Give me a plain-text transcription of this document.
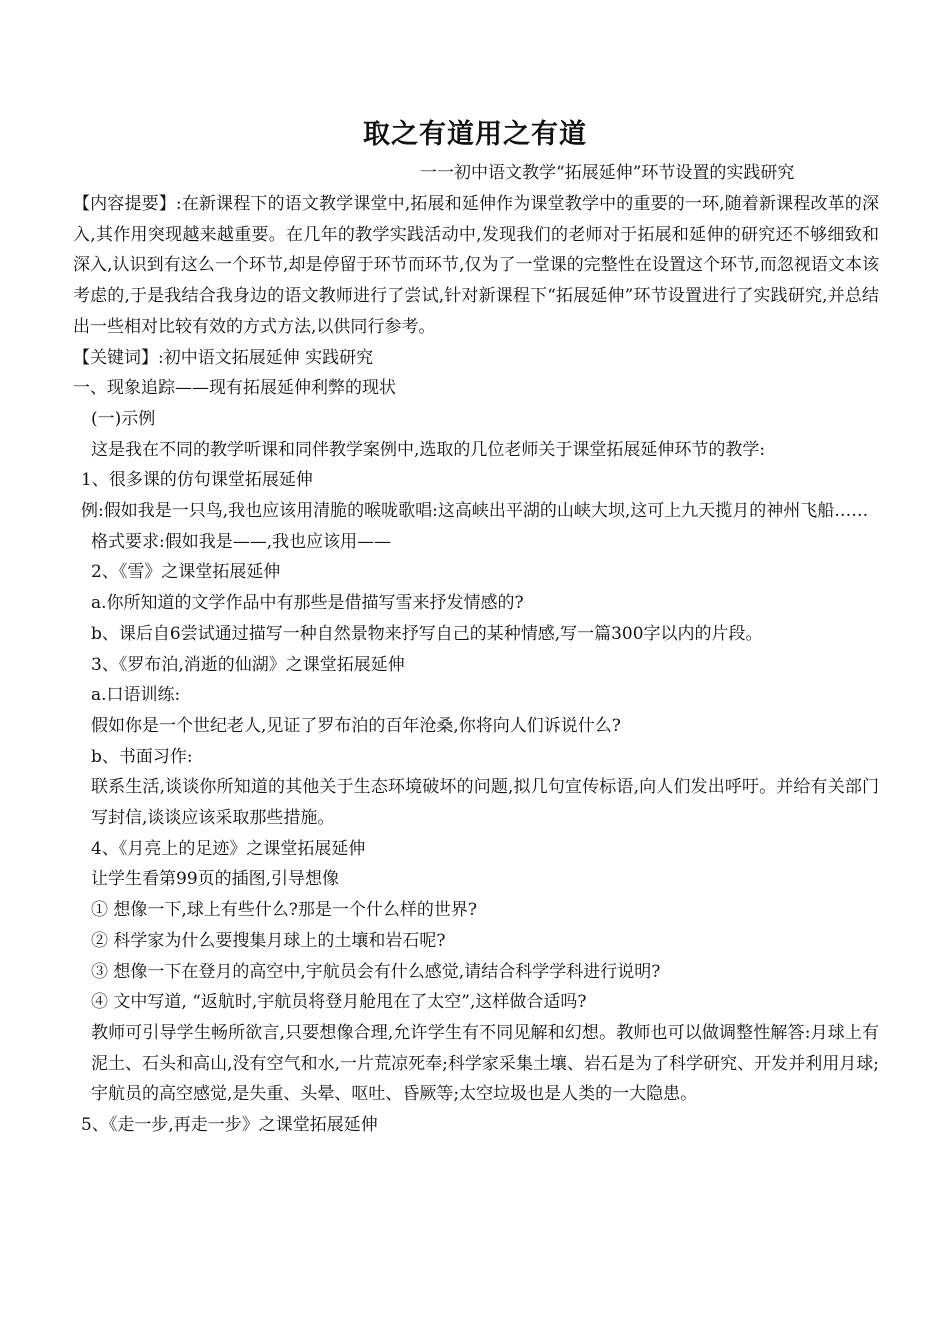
取之有道用之有道
一一初中语文教学“拓展延伸”环节设置的实践研究

【内容提要】:在新课程下的语文教学课堂中,拓展和延伸作为课堂教学中的重要的一环,随着新课程改革的深入,其作用突现越来越重要。在几年的教学实践活动中,发现我们的老师对于拓展和延伸的研究还不够细致和深入,认识到有这么一个环节,却是停留于环节而环节,仅为了一堂课的完整性在设置这个环节,而忽视语文本该考虑的,于是我结合我身边的语文教师进行了尝试,针对新课程下“拓展延伸”环节设置进行了实践研究,并总结出一些相对比较有效的方式方法,以供同行参考。

【关键词】:初中语文拓展延伸 实践研究

一、现象追踪——现有拓展延伸利弊的现状

(一)示例

这是我在不同的教学听课和同伴教学案例中,选取的几位老师关于课堂拓展延伸环节的教学:

1、很多课的仿句课堂拓展延伸

例:假如我是一只鸟,我也应该用清脆的喉咙歌唱:这高峡出平湖的山峡大坝,这可上九天揽月的神州飞船……

格式要求:假如我是——,我也应该用——

2、《雪》之课堂拓展延伸

a.你所知道的文学作品中有那些是借描写雪来抒发情感的?

b、课后自6尝试通过描写一种自然景物来抒写自己的某种情感,写一篇300字以内的片段。

3、《罗布泊,消逝的仙湖》之课堂拓展延伸

a.口语训练:

假如你是一个世纪老人,见证了罗布泊的百年沧桑,你将向人们诉说什么?

b、书面习作:

联系生活,谈谈你所知道的其他关于生态环境破坏的问题,拟几句宣传标语,向人们发出呼吁。并给有关部门写封信,谈谈应该采取那些措施。

4、《月亮上的足迹》之课堂拓展延伸

让学生看第99页的插图,引导想像

① 想像一下,球上有些什么?那是一个什么样的世界?

② 科学家为什么要搜集月球上的土壤和岩石呢?

③ 想像一下在登月的高空中,宇航员会有什么感觉,请结合科学学科进行说明?

④ 文中写道, “返航时,宇航员将登月舱甩在了太空”,这样做合适吗?

教师可引导学生畅所欲言,只要想像合理,允许学生有不同见解和幻想。教师也可以做调整性解答:月球上有泥土、石头和高山,没有空气和水,一片荒凉死奉;科学家采集土壤、岩石是为了科学研究、开发并利用月球;宇航员的高空感觉,是失重、头晕、呕吐、昏厥等;太空垃圾也是人类的一大隐患。

5、《走一步,再走一步》之课堂拓展延伸
